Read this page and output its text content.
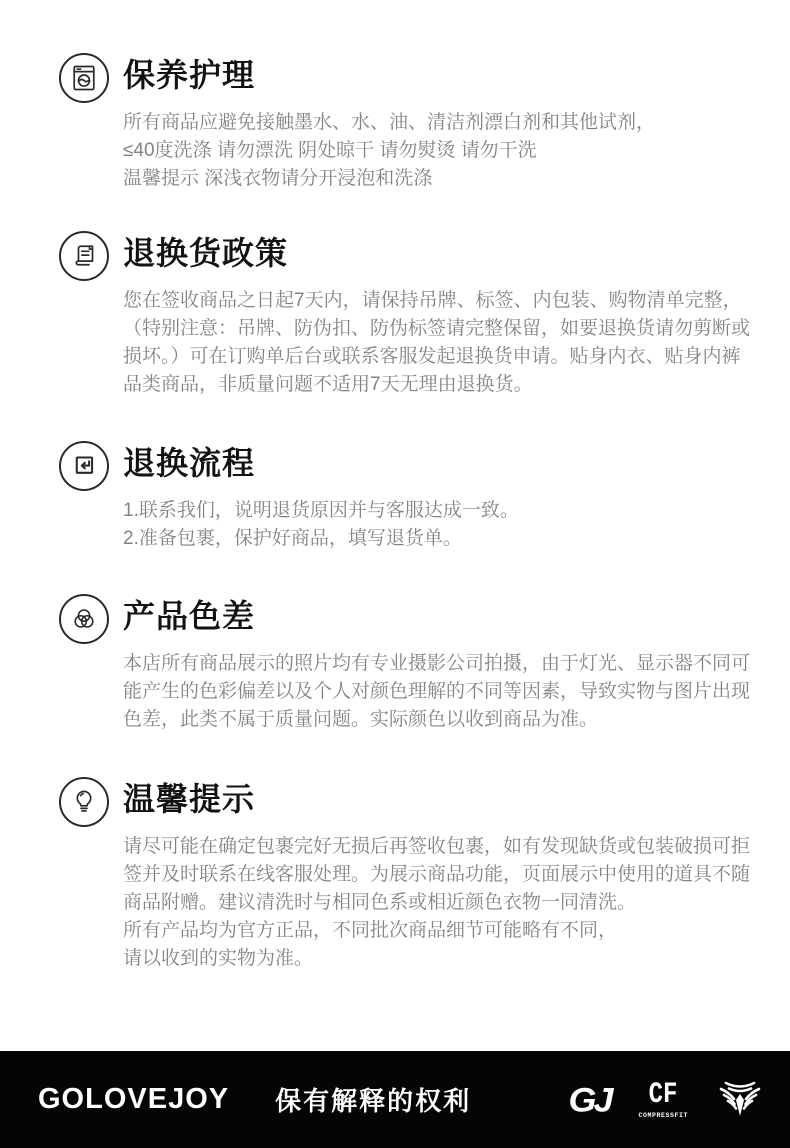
保养护理
所有商品应避免接触墨水、水、油、清洁剂漂白剂和其他试剂，
≤40度洗涤 请勿漂洗 阴处晾干 请勿熨烫 请勿干洗
温馨提示 深浅衣物请分开浸泡和洗涤
退换货政策
您在签收商品之日起7天内，请保持吊牌、标签、内包装、购物清单完整，
（特别注意：吊牌、防伪扣、防伪标签请完整保留，如要退换货请勿剪断或
损坏。）可在订购单后台或联系客服发起退换货申请。贴身内衣、贴身内裤
品类商品，非质量问题不适用7天无理由退换货。
退换流程
1.联系我们，说明退货原因并与客服达成一致。
2.准备包裹，保护好商品，填写退货单。
产品色差
本店所有商品展示的照片均有专业摄影公司拍摄，由于灯光、显示器不同可
能产生的色彩偏差以及个人对颜色理解的不同等因素，导致实物与图片出现
色差，此类不属于质量问题。实际颜色以收到商品为准。
温馨提示
请尽可能在确定包裹完好无损后再签收包裹，如有发现缺货或包装破损可拒
签并及时联系在线客服处理。为展示商品功能，页面展示中使用的道具不随
商品附赠。建议清洗时与相同色系或相近颜色衣物一同清洗。
所有产品均为官方正品，不同批次商品细节可能略有不同，
请以收到的实物为准。
GOLOVEJOY 保有解释的权利	GJ CF
COMPRESSFIT
